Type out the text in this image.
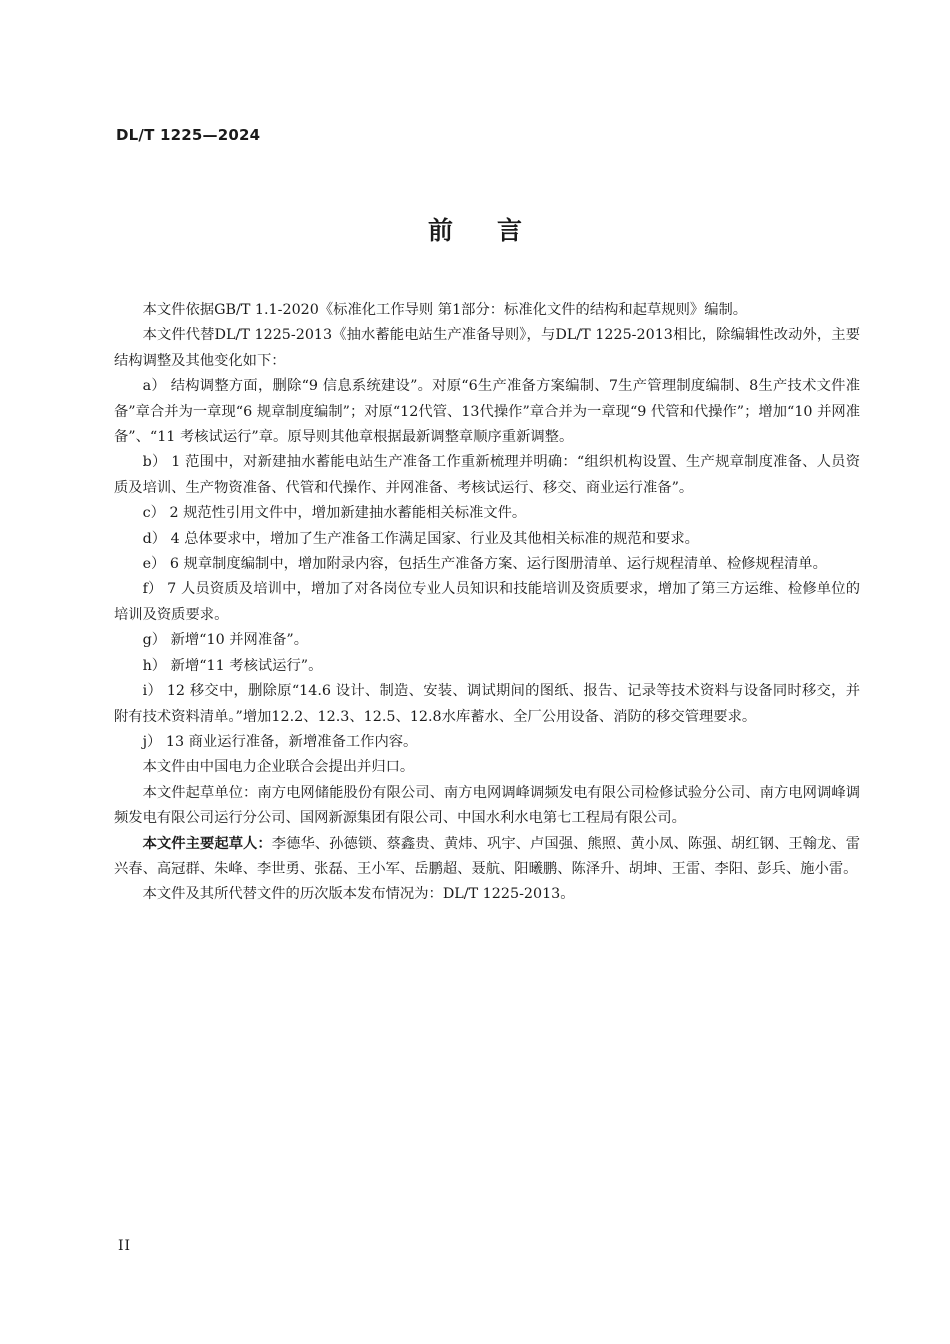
DL/T 1225—2024
前 言

本文件依据GB/T 1.1-2020《标准化工作导则 第1部分：标准化文件的结构和起草规则》编制。

本文件代替DL/T 1225-2013《抽水蓄能电站生产准备导则》，与DL/T 1225-2013相比，除编辑性改动外，主要结构调整及其他变化如下：

a） 结构调整方面，删除“9 信息系统建设”。对原“6生产准备方案编制、7生产管理制度编制、8生产技术文件准备”章合并为一章现“6 规章制度编制”；对原“12代管、13代操作”章合并为一章现“9 代管和代操作”；增加“10 并网准备”、“11 考核试运行”章。原导则其他章根据最新调整章顺序重新调整。

b） 1 范围中，对新建抽水蓄能电站生产准备工作重新梳理并明确：“组织机构设置、生产规章制度准备、人员资质及培训、生产物资准备、代管和代操作、并网准备、考核试运行、移交、商业运行准备”。

c） 2 规范性引用文件中，增加新建抽水蓄能相关标准文件。

d） 4 总体要求中，增加了生产准备工作满足国家、行业及其他相关标准的规范和要求。

e） 6 规章制度编制中，增加附录内容，包括生产准备方案、运行图册清单、运行规程清单、检修规程清单。

f） 7 人员资质及培训中，增加了对各岗位专业人员知识和技能培训及资质要求，增加了第三方运维、检修单位的培训及资质要求。

g） 新增“10 并网准备”。

h） 新增“11 考核试运行”。

i） 12 移交中，删除原“14.6 设计、制造、安装、调试期间的图纸、报告、记录等技术资料与设备同时移交，并附有技术资料清单。”增加12.2、12.3、12.5、12.8水库蓄水、全厂公用设备、消防的移交管理要求。

j） 13 商业运行准备，新增准备工作内容。

本文件由中国电力企业联合会提出并归口。

本文件起草单位：南方电网储能股份有限公司、南方电网调峰调频发电有限公司检修试验分公司、南方电网调峰调频发电有限公司运行分公司、国网新源集团有限公司、中国水利水电第七工程局有限公司。

本文件主要起草人：李德华、孙德锁、蔡鑫贵、黄炜、巩宇、卢国强、熊照、黄小凤、陈强、胡红钢、王翰龙、雷兴春、高冠群、朱峰、李世勇、张磊、王小军、岳鹏超、聂航、阳曦鹏、陈泽升、胡坤、王雷、李阳、彭兵、施小雷。

本文件及其所代替文件的历次版本发布情况为：DL/T 1225-2013。

II
